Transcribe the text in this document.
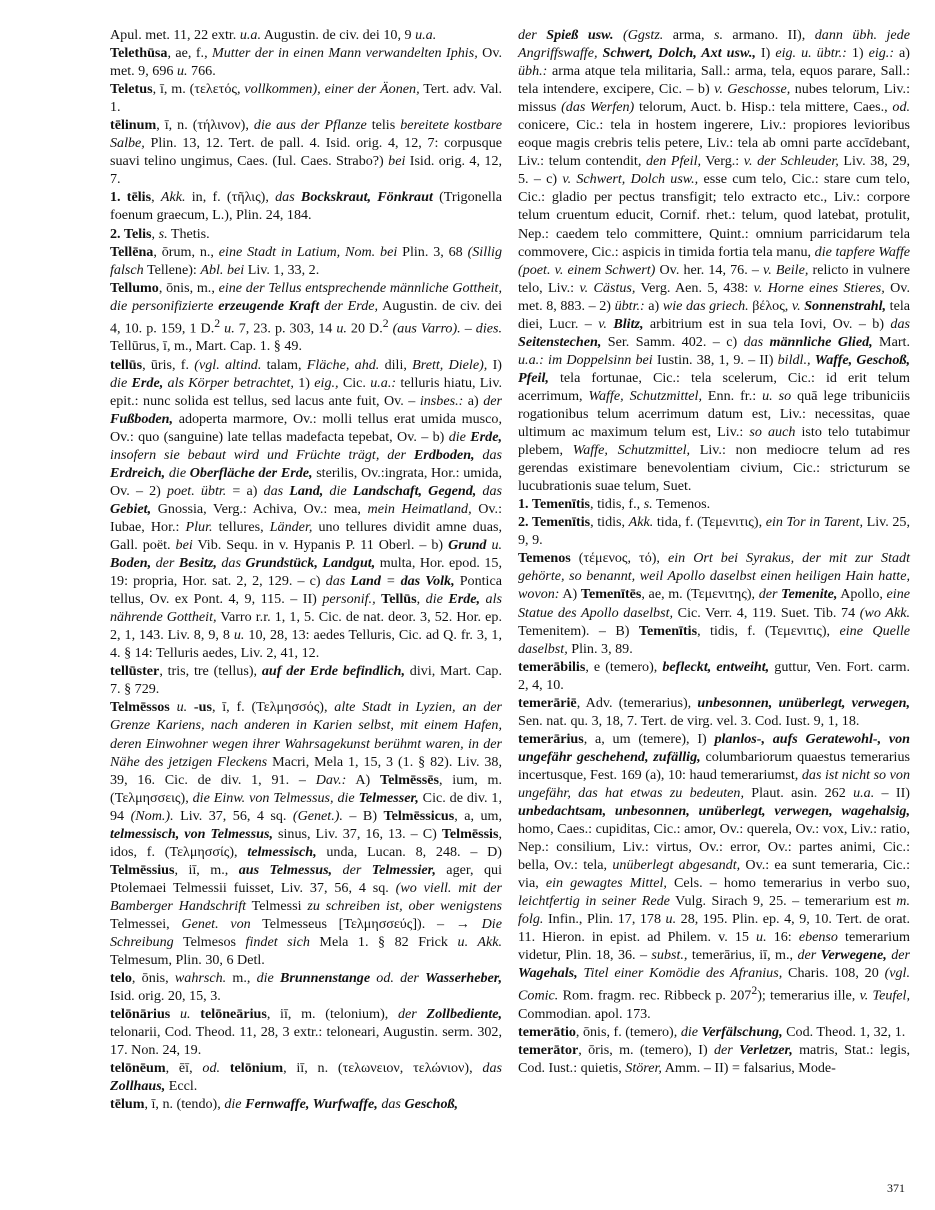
Apul. met. 11, 22 extr. u.a. Augustin. de civ. dei 10, 9 u.a.

Telethūsa, ae, f., Mutter der in einen Mann verwandelten Iphis, Ov. met. 9, 696 u. 766.

Teletus, ī, m. (τελετός, vollkommen), einer der Äonen, Tert. adv. Val. 1.

tēlinum, ī, n. (τήλινον), die aus der Pflanze telis bereitete kostbare Salbe, Plin. 13, 12. Tert. de pall. 4. Isid. orig. 4, 12, 7: corpusque suavi telino ungimus, Caes. (Iul. Caes. Strabo?) bei Isid. orig. 4, 12, 7.

1. tēlis, Akk. in, f. (τῆλις), das Bockskraut, Fönkraut (Trigonella foenum graecum, L.), Plin. 24, 184.

2. Telis, s. Thetis.

Tellēna, ōrum, n., eine Stadt in Latium, Nom. bei Plin. 3, 68 (Sillig falsch Tellene): Abl. bei Liv. 1, 33, 2.

Tellumo, ōnis, m., eine der Tellus entsprechende männliche Gottheit, die personifizierte erzeugende Kraft der Erde, Augustin. de civ. dei 4, 10. p. 159, 1 D.$^2$ u. 7, 23. p. 303, 14 u. 20 D.$^2$ (aus Varro). – dies. Tellūrus, ī, m., Mart. Cap. 1. § 49.

tellūs, ūris, f. (vgl. altind. talam, Fläche, ahd. dili, Brett, Diele), I) die Erde, als Körper betrachtet, 1) eig., Cic. u.a.: telluris hiatu, Liv. epit.: nunc solida est tellus, sed lacus ante fuit, Ov. – insbes.: a) der Fußboden, adoperta marmore, Ov.: molli tellus erat umida musco, Ov.: quo (sanguine) late tellas madefacta tepebat, Ov. – b) die Erde, insofern sie bebaut wird und Früchte trägt, der Erdboden, das Erdreich, die Oberfläche der Erde, sterilis, Ov.:ingrata, Hor.: umida, Ov. – 2) poet. übtr. = a) das Land, die Landschaft, Gegend, das Gebiet, Gnossia, Verg.: Achiva, Ov.: mea, mein Heimatland, Ov.: Iubae, Hor.: Plur. tellures, Länder, uno tellures dividit amne duas, Gall. poët. bei Vib. Sequ. in v. Hypanis P. 11 Oberl. – b) Grund u. Boden, der Besitz, das Grundstück, Landgut, multa, Hor. epod. 15, 19: propria, Hor. sat. 2, 2, 129. – c) das Land = das Volk, Pontica tellus, Ov. ex Pont. 4, 9, 115. – II) personif., Tellūs, die Erde, als nährende Gottheit, Varro r.r. 1, 1, 5. Cic. de nat. deor. 3, 52. Hor. ep. 2, 1, 143. Liv. 8, 9, 8 u. 10, 28, 13: aedes Telluris, Cic. ad Q. fr. 3, 1, 4. § 14: Telluris aedes, Liv. 2, 41, 12.

tellūster, tris, tre (tellus), auf der Erde befindlich, divi, Mart. Cap. 7. § 729.

Telmēssos u. -us, ī, f. (Τελμησσός), alte Stadt in Lyzien, an der Grenze Kariens, nach anderen in Karien selbst, mit einem Hafen, deren Einwohner wegen ihrer Wahrsagekunst berühmt waren, in der Nähe des jetzigen Fleckens Macri, Mela 1, 15, 3 (1. § 82). Liv. 38, 39, 16. Cic. de div. 1, 91. – Dav.: A) Telmēssēs, ium, m. (Τελμησσεις), die Einw. von Telmessus, die Telmesser, Cic. de div. 1, 94 (Nom.). Liv. 37, 56, 4 sq. (Genet.). – B) Telmēssicus, a, um, telmessisch, von Telmessus, sinus, Liv. 37, 16, 13. – C) Telmēssis, idos, f. (Τελμησσίς), telmessisch, unda, Lucan. 8, 248. – D) Telmēssius, iī, m., aus Telmessus, der Telmessier, ager, qui Ptolemaei Telmessii fuisset, Liv. 37, 56, 4 sq. (wo viell. mit der Bamberger Handschrift Telmessi zu schreiben ist, ober wenigstens Telmessei, Genet. von Telmesseus [Τελμησσεύς]). – → Die Schreibung Telmesos findet sich Mela 1. § 82 Frick u. Akk. Telmesum, Plin. 30, 6 Detl.

telo, ōnis, wahrsch. m., die Brunnenstange od. der Wasserheber, Isid. orig. 20, 15, 3.

telōnārius u. telōneārius, iī, m. (telonium), der Zollbediente, telonarii, Cod. Theod. 11, 28, 3 extr.: teloneari, Augustin. serm. 302, 17. Non. 24, 19.

telōnēum, ēī, od. telōnium, iī, n. (τελωνειον, τελώνιον), das Zollhaus, Eccl.

tēlum, ī, n. (tendo), die Fernwaffe, Wurfwaffe, das Geschoß,

der Spieß usw. (Ggstz. arma, s. armano. II), dann übh. jede Angriffswaffe, Schwert, Dolch, Axt usw., I) eig. u. übtr.: 1) eig.: a) übh.: arma atque tela militaria, Sall.: arma, tela, equos parare, Sall.: tela intendere, excipere, Cic. – b) v. Geschosse, nubes telorum, Liv.: missus (das Werfen) telorum, Auct. b. Hisp.: tela mittere, Caes., od. conicere, Cic.: tela in hostem ingerere, Liv.: propiores levioribus eoque magis crebris telis petere, Liv.: tela ab omni parte accīdebant, Liv.: telum contendit, den Pfeil, Verg.: v. der Schleuder, Liv. 38, 29, 5. – c) v. Schwert, Dolch usw., esse cum telo, Cic.: stare cum telo, Cic.: gladio per pectus transfigit; telo extracto etc., Liv.: corpore telum cruentum educit, Cornif. rhet.: telum, quod latebat, protulit, Nep.: caedem telo committere, Quint.: omnium parricidarum tela commovere, Cic.: aspicis in timida fortia tela manu, die tapfere Waffe (poet. v. einem Schwert) Ov. her. 14, 76. – v. Beile, relicto in vulnere telo, Liv.: v. Cästus, Verg. Aen. 5, 438: v. Horne eines Stieres, Ov. met. 8, 883. – 2) übtr.: a) wie das griech. βέλος, v. Sonnenstrahl, tela diei, Lucr. – v. Blitz, arbitrium est in sua tela Iovi, Ov. – b) das Seitenstechen, Ser. Samm. 402. – c) das männliche Glied, Mart. u.a.: im Doppelsinn bei Iustin. 38, 1, 9. – II) bildl., Waffe, Geschoß, Pfeil, tela fortunae, Cic.: tela scelerum, Cic.: id erit telum acerrimum, Waffe, Schutzmittel, Enn. fr.: u. so quā lege tribuniciis rogationibus telum acerrimum datum est, Liv.: necessitas, quae ultimum ac maximum telum est, Liv.: so auch isto telo tutabimur plebem, Waffe, Schutzmittel, Liv.: non mediocre telum ad res gerendas existimare benevolentiam civium, Cic.: stricturum se lucubrationis suae telum, Suet.

1. Temenītis, tidis, f., s. Temenos.

2. Temenītis, tidis, Akk. tida, f. (Τεμενιτις), ein Tor in Tarent, Liv. 25, 9, 9.

Temenos (τέμενος, τό), ein Ort bei Syrakus, der mit zur Stadt gehörte, so benannt, weil Apollo daselbst einen heiligen Hain hatte, wovon: A) Temenītēs, ae, m. (Τεμενιτης), der Temenite, Apollo, eine Statue des Apollo daselbst, Cic. Verr. 4, 119. Suet. Tib. 74 (wo Akk. Temenitem). – B) Temenītis, tidis, f. (Τεμενιτις), eine Quelle daselbst, Plin. 3, 89.

temerābilis, e (temero), befleckt, entweiht, guttur, Ven. Fort. carm. 2, 4, 10.

temerāriē, Adv. (temerarius), unbesonnen, unüberlegt, verwegen, Sen. nat. qu. 3, 18, 7. Tert. de virg. vel. 3. Cod. Iust. 9, 1, 18.

temerārius, a, um (temere), I) planlos-, aufs Geratewohl-, von ungefähr geschehend, zufällig, columbariorum quaestus temerarius incertusque, Fest. 169 (a), 10: haud temerariumst, das ist nicht so von ungefähr, das hat etwas zu bedeuten, Plaut. asin. 262 u.a. – II) unbedachtsam, unbesonnen, unüberlegt, verwegen, wagehalsig, homo, Caes.: cupiditas, Cic.: amor, Ov.: querela, Ov.: vox, Liv.: ratio, Nep.: consilium, Liv.: virtus, Ov.: error, Ov.: partes animi, Cic.: bella, Ov.: tela, unüberlegt abgesandt, Ov.: ea sunt temeraria, Cic.: via, ein gewagtes Mittel, Cels. – homo temerarius in verbo suo, leichtfertig in seiner Rede Vulg. Sirach 9, 25. – temerarium est m. folg. Infin., Plin. 17, 178 u. 28, 195. Plin. ep. 4, 9, 10. Tert. de orat. 11. Hieron. in epist. ad Philem. v. 15 u. 16: ebenso temerarium videtur, Plin. 18, 36. – subst., temerārius, iī, m., der Verwegene, der Wagehals, Titel einer Komödie des Afranius, Charis. 108, 20 (vgl. Comic. Rom. fragm. rec. Ribbeck p. $207^2$); temerarius ille, v. Teufel, Commodian. apol. 173.

temerātio, ōnis, f. (temero), die Verfälschung, Cod. Theod. 1, 32, 1.

temerātor, ōris, m. (temero), I) der Verletzer, matris, Stat.: legis, Cod. Iust.: quietis, Störer, Amm. – II) = falsarius, Mode-

371
